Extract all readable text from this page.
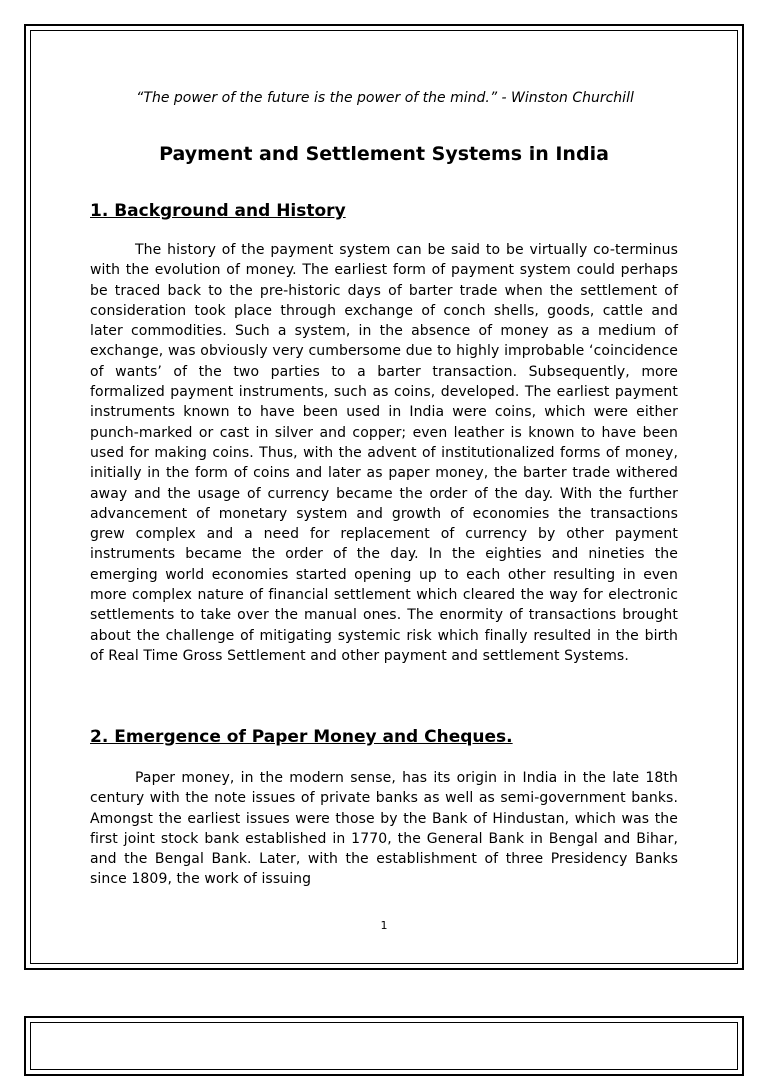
“The power of the future is the power of the mind.” - Winston Churchill
Payment and Settlement Systems in India
1. Background and History

The history of the payment system can be said to be virtually co-terminus with the evolution of money. The earliest form of payment system could perhaps be traced back to the pre-historic days of barter trade when the settlement of consideration took place through exchange of conch shells, goods, cattle and later commodities. Such a system, in the absence of money as a medium of exchange, was obviously very cumbersome due to highly improbable ‘coincidence of wants’ of the two parties to a barter transaction. Subsequently, more formalized payment instruments, such as coins, developed. The earliest payment instruments known to have been used in India were coins, which were either punch-marked or cast in silver and copper; even leather is known to have been used for making coins. Thus, with the advent of institutionalized forms of money, initially in the form of coins and later as paper money, the barter trade withered away and the usage of currency became the order of the day. With the further advancement of monetary system and growth of economies the transactions grew complex and a need for replacement of currency by other payment instruments became the order of the day. In the eighties and nineties the emerging world economies started opening up to each other resulting in even more complex nature of financial settlement which cleared the way for electronic settlements to take over the manual ones. The enormity of transactions brought about the challenge of mitigating systemic risk which finally resulted in the birth of Real Time Gross Settlement and other payment and settlement Systems.

2. Emergence of Paper Money and Cheques.

Paper money, in the modern sense, has its origin in India in the late 18th century with the note issues of private banks as well as semi-government banks. Amongst the earliest issues were those by the Bank of Hindustan, which was the first joint stock bank established in 1770, the General Bank in Bengal and Bihar, and the Bengal Bank. Later, with the establishment of three Presidency Banks since 1809, the work of issuing

1
